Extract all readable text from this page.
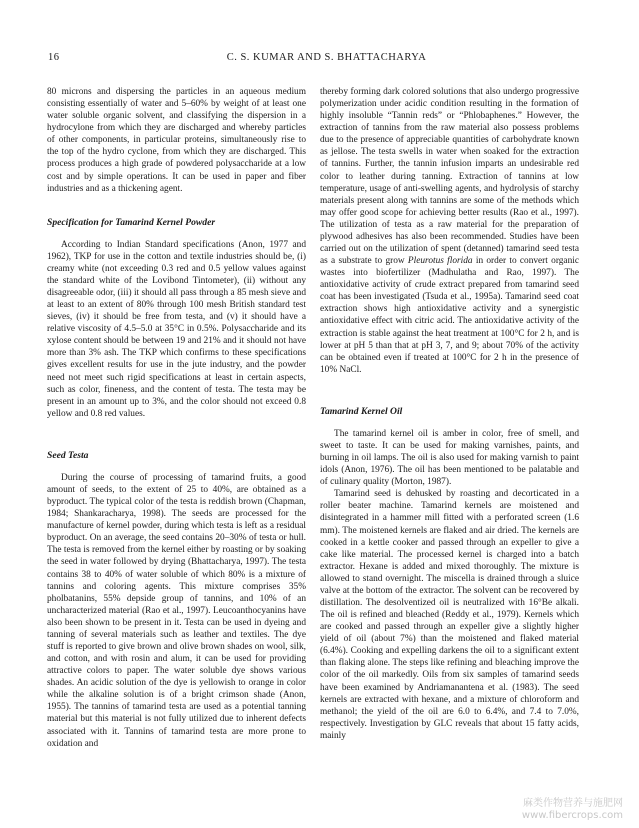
16	C. S. KUMAR AND S. BHATTACHARYA

80 microns and dispersing the particles in an aqueous medium consisting essentially of water and 5–60% by weight of at least one water soluble organic solvent, and classifying the dispersion in a hydrocylone from which they are discharged and whereby particles of other components, in particular proteins, simultaneously rise to the top of the hydro cyclone, from which they are discharged. This process produces a high grade of powdered polysaccharide at a low cost and by simple operations. It can be used in paper and fiber industries and as a thickening agent.

Specification for Tamarind Kernel Powder

According to Indian Standard specifications (Anon, 1977 and 1962), TKP for use in the cotton and textile industries should be, (i) creamy white (not exceeding 0.3 red and 0.5 yellow values against the standard white of the Lovibond Tintometer), (ii) without any disagreeable odor, (iii) it should all pass through a 85 mesh sieve and at least to an extent of 80% through 100 mesh British standard test sieves, (iv) it should be free from testa, and (v) it should have a relative viscosity of 4.5–5.0 at 35°C in 0.5%. Polysaccharide and its xylose content should be between 19 and 21% and it should not have more than 3% ash. The TKP which confirms to these specifications gives excellent results for use in the jute industry, and the powder need not meet such rigid specifications at least in certain aspects, such as color, fineness, and the content of testa. The testa may be present in an amount up to 3%, and the color should not exceed 0.8 yellow and 0.8 red values.

Seed Testa

During the course of processing of tamarind fruits, a good amount of seeds, to the extent of 25 to 40%, are obtained as a byproduct. The typical color of the testa is reddish brown (Chapman, 1984; Shankaracharya, 1998). The seeds are processed for the manufacture of kernel powder, during which testa is left as a residual byproduct. On an average, the seed contains 20–30% of testa or hull. The testa is removed from the kernel either by roasting or by soaking the seed in water followed by drying (Bhattacharya, 1997). The testa contains 38 to 40% of water soluble of which 80% is a mixture of tannins and coloring agents. This mixture comprises 35% pholbatanins, 55% depside group of tannins, and 10% of an uncharacterized material (Rao et al., 1997). Leucoanthocyanins have also been shown to be present in it. Testa can be used in dyeing and tanning of several materials such as leather and textiles. The dye stuff is reported to give brown and olive brown shades on wool, silk, and cotton, and with rosin and alum, it can be used for providing attractive colors to paper. The water soluble dye shows various shades. An acidic solution of the dye is yellowish to orange in color while the alkaline solution is of a bright crimson shade (Anon, 1955). The tannins of tamarind testa are used as a potential tanning material but this material is not fully utilized due to inherent defects associated with it. Tannins of tamarind testa are more prone to oxidation and

thereby forming dark colored solutions that also undergo progressive polymerization under acidic condition resulting in the formation of highly insoluble “Tannin reds” or “Phlobaphenes.” However, the extraction of tannins from the raw material also possess problems due to the presence of appreciable quantities of carbohydrate known as jellose. The testa swells in water when soaked for the extraction of tannins. Further, the tannin infusion imparts an undesirable red color to leather during tanning. Extraction of tannins at low temperature, usage of anti-swelling agents, and hydrolysis of starchy materials present along with tannins are some of the methods which may offer good scope for achieving better results (Rao et al., 1997). The utilization of testa as a raw material for the preparation of plywood adhesives has also been recommended. Studies have been carried out on the utilization of spent (detanned) tamarind seed testa as a substrate to grow Pleurotus florida in order to convert organic wastes into biofertilizer (Madhulatha and Rao, 1997). The antioxidative activity of crude extract prepared from tamarind seed coat has been investigated (Tsuda et al., 1995a). Tamarind seed coat extraction shows high antioxidative activity and a synergistic antioxidative effect with citric acid. The antioxidative activity of the extraction is stable against the heat treatment at 100°C for 2 h, and is lower at pH 5 than that at pH 3, 7, and 9; about 70% of the activity can be obtained even if treated at 100°C for 2 h in the presence of 10% NaCl.

Tamarind Kernel Oil

The tamarind kernel oil is amber in color, free of smell, and sweet to taste. It can be used for making varnishes, paints, and burning in oil lamps. The oil is also used for making varnish to paint idols (Anon, 1976). The oil has been mentioned to be palatable and of culinary quality (Morton, 1987).

Tamarind seed is dehusked by roasting and decorticated in a roller beater machine. Tamarind kernels are moistened and disintegrated in a hammer mill fitted with a perforated screen (1.6 mm). The moistened kernels are flaked and air dried. The kernels are cooked in a kettle cooker and passed through an expeller to give a cake like material. The processed kernel is charged into a batch extractor. Hexane is added and mixed thoroughly. The mixture is allowed to stand overnight. The miscella is drained through a sluice valve at the bottom of the extractor. The solvent can be recovered by distillation. The desolventized oil is neutralized with 16°Be alkali. The oil is refined and bleached (Reddy et al., 1979). Kernels which are cooked and passed through an expeller give a slightly higher yield of oil (about 7%) than the moistened and flaked material (6.4%). Cooking and expelling darkens the oil to a significant extent than flaking alone. The steps like refining and bleaching improve the color of the oil markedly. Oils from six samples of tamarind seeds have been examined by Andriamanantena et al. (1983). The seed kernels are extracted with hexane, and a mixture of chloroform and methanol; the yield of the oil are 6.0 to 6.4%, and 7.4 to 7.0%, respectively. Investigation by GLC reveals that about 15 fatty acids, mainly

麻类作物营养与施肥网
www.fibercrops.com
